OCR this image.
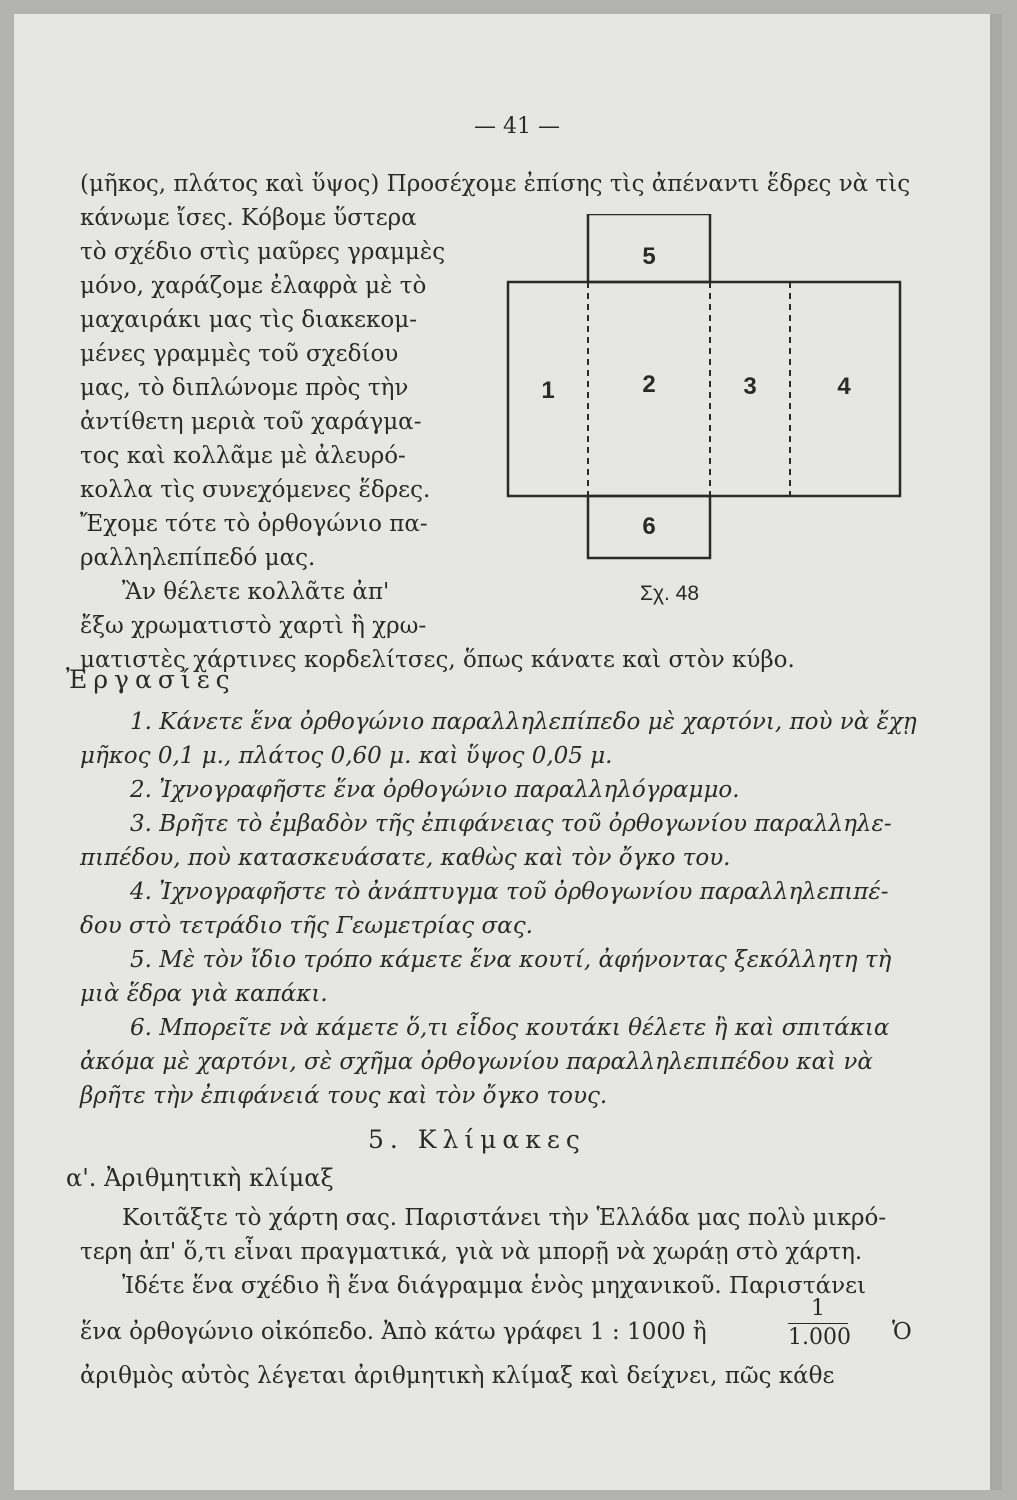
— 41 —
(μῆκος, πλάτος καὶ ὕψος) Προσέχομε ἐπίσης τὶς ἀπέναντι ἕδρες νὰ τὶς
κάνωμε ἴσες. Κόβομε ὕστερα
τὸ σχέδιο στὶς μαῦρες γραμμὲς
μόνο, χαράζομε ἐλαφρὰ μὲ τὸ
μαχαιράκι μας τὶς διακεκομ-
μένες γραμμὲς τοῦ σχεδίου
μας, τὸ διπλώνομε πρὸς τὴν
ἀντίθετη μεριὰ τοῦ χαράγμα-
τος καὶ κολλᾶμε μὲ ἀλευρό-
κολλα τὶς συνεχόμενες ἕδρες.
Ἔχομε τότε τὸ ὀρθογώνιο πα-
ραλληλεπίπεδό μας.
Ἂν θέλετε κολλᾶτε ἀπ'
ἔξω χρωματιστὸ χαρτὶ ἢ χρω-
ματιστὲς χάρτινες κορδελίτσες, ὅπως κάνατε καὶ στὸν κύβο.
5
1	2	3	4
6
Σχ. 48
Ἐργασίες
1. Κάνετε ἕνα ὀρθογώνιο παραλληλεπίπεδο μὲ χαρτόνι, ποὺ νὰ ἔχῃ
μῆκος 0,1 μ., πλάτος 0,60 μ. καὶ ὕψος 0,05 μ.
2. Ἰχνογραφῆστε ἕνα ὀρθογώνιο παραλληλόγραμμο.
3. Βρῆτε τὸ ἐμβαδὸν τῆς ἐπιφάνειας τοῦ ὀρθογωνίου παραλληλε-
πιπέδου, ποὺ κατασκευάσατε, καθὼς καὶ τὸν ὄγκο του.
4. Ἰχνογραφῆστε τὸ ἀνάπτυγμα τοῦ ὀρθογωνίου παραλληλεπιπέ-
δου στὸ τετράδιο τῆς Γεωμετρίας σας.
5. Μὲ τὸν ἴδιο τρόπο κάμετε ἕνα κουτί, ἀφήνοντας ξεκόλλητη τὴ
μιὰ ἕδρα γιὰ καπάκι.
6. Μπορεῖτε νὰ κάμετε ὅ,τι εἶδος κουτάκι θέλετε ἢ καὶ σπιτάκια
ἀκόμα μὲ χαρτόνι, σὲ σχῆμα ὀρθογωνίου παραλληλεπιπέδου καὶ νὰ
βρῆτε τὴν ἐπιφάνειά τους καὶ τὸν ὄγκο τους.
5. Κλίμακες
α'. Ἀριθμητικὴ κλίμαξ
Κοιτᾶξτε τὸ χάρτη σας. Παριστάνει τὴν Ἑλλάδα μας πολὺ μικρό-
τερη ἀπ' ὅ,τι εἶναι πραγματικά, γιὰ νὰ μπορῇ νὰ χωράῃ στὸ χάρτη.
Ἰδέτε ἕνα σχέδιο ἢ ἕνα διάγραμμα ἑνὸς μηχανικοῦ. Παριστάνει
ἕνα ὀρθογώνιο οἰκόπεδο. Ἀπὸ κάτω γράφει 1 : 1000 ἢ	$\frac{1}{1.000}$ Ὁ
ἀριθμὸς αὐτὸς λέγεται ἀριθμητικὴ κλίμαξ καὶ δείχνει, πῶς κάθε
